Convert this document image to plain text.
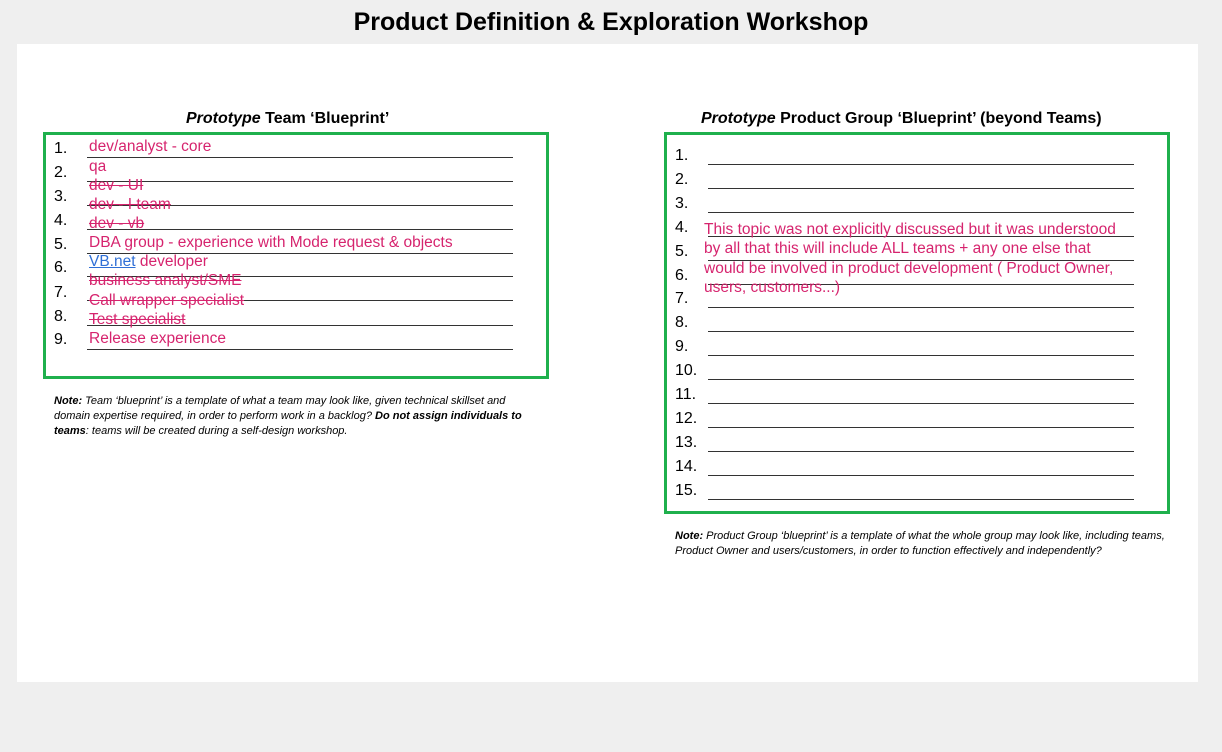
Product Definition & Exploration Workshop
Prototype Team ‘Blueprint’
1.
2.
3.
4.
5.
6.
7.
8.
9.
dev/analyst - core
qa
dev - UI
dev - I team
dev - vb
DBA group - experience with Mode request & objects
VB.net developer
business analyst/SME
Call wrapper specialist
Test specialist
Release experience
Note: Team ‘blueprint’ is a template of what a team may look like, given technical skillset and domain expertise required, in order to perform work in a backlog? Do not assign individuals to teams: teams will be created during a self-design workshop.
Prototype Product Group ‘Blueprint’ (beyond Teams)
1.
2.
3.
4.
5.
6.
7.
8.
9.
10.
11.
12.
13.
14.
15.
This topic was not explicitly discussed but it was understood
by all that this will include ALL teams + any one else that
would be involved in product development ( Product Owner,
users, customers...)
Note: Product Group ‘blueprint’ is a template of what the whole group may look like, including teams, Product Owner and users/customers, in order to function effectively and independently?
